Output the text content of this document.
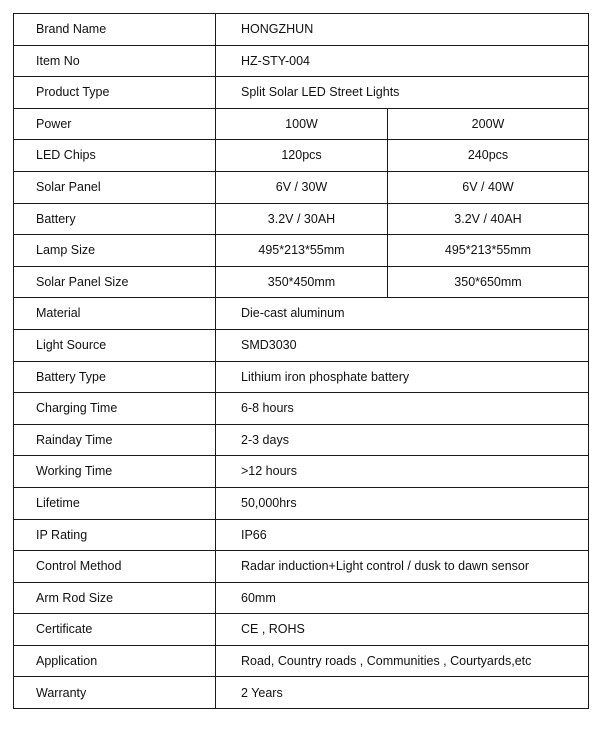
Brand Name	HONGZHUN	
Item No	HZ-STY-004	
Product Type	Split Solar LED Street Lights	
Power	100W	200W
LED Chips	120pcs	240pcs
Solar Panel	6V / 30W	6V / 40W
Battery	3.2V / 30AH	3.2V / 40AH
Lamp Size	495*213*55mm	495*213*55mm
Solar Panel Size	350*450mm	350*650mm
Material	Die-cast aluminum	
Light Source	SMD3030	
Battery Type	Lithium iron phosphate battery	
Charging Time	6-8 hours	
Rainday Time	2-3 days	
Working Time	>12 hours	
Lifetime	50,000hrs	
IP Rating	IP66	
Control Method	Radar induction+Light control / dusk to dawn sensor	
Arm Rod Size	60mm	
Certificate	CE , ROHS	
Application	Road, Country roads , Communities , Courtyards,etc	
Warranty	2 Years	
